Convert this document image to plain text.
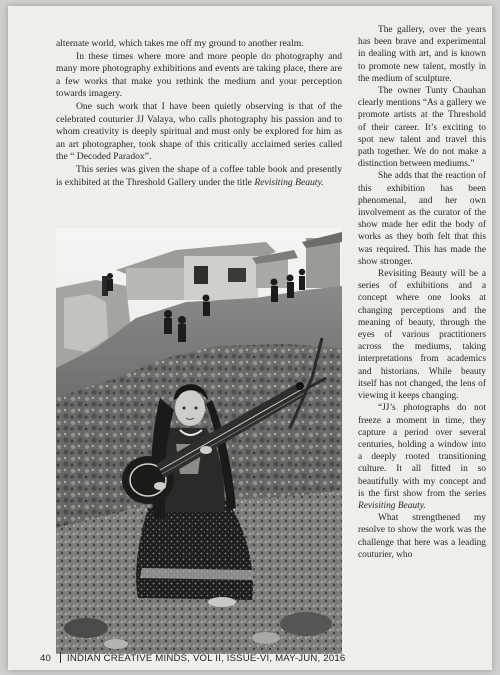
alternate world, which takes me off my ground to another realm.

In these times where more and more people do photography and many more photography exhibitions and events are taking place, there are a few works that make you rethink the medium and your perception towards imagery.

One such work that I have been quietly observing is that of the celebrated couturier JJ Valaya, who calls photography his passion and to whom creativity is deeply spiritual and must only be explored for him as an art photographer, took shape of this critically acclaimed series called the “ Decoded Paradox”.

This series was given the shape of a coffee table book and presently is exhibited at the Threshold Gallery under the title Revisiting Beauty.

The gallery, over the years has been brave and experimental in dealing with art, and is known to promote new talent, mostly in the medium of sculpture.

The owner Tunty Chauhan clearly mentions “As a gallery we promote artists at the Threshold of their career. It’s exciting to spot new talent and travel this path together. We do not make a distinction between mediums.”

She adds that the reaction of this exhibition has been phenomenal, and her own involvement as the curator of the show made her edit the body of works as they both felt that this was required. This has made the show stronger.

Revisiting Beauty will be a series of exhibitions and a concept where one looks at changing perceptions and the meaning of beauty, through the eyes of various practitioners across the mediums, taking interpretations from academics and historians. While beauty itself has not changed, the lens of viewing it keeps changing.

“JJ’s photographs do not freeze a moment in time, they capture a period over several centuries, holding a window into a deeply rooted transitioning culture. It all fitted in so beautifully with my concept and is the first show from the series Revisiting Beauty.

What strengthened my resolve to show the work was the challenge that here was a leading couturier, who

40 INDIAN CREATIVE MINDS, VOL II, ISSUE-VI, MAY-JUN, 2016
